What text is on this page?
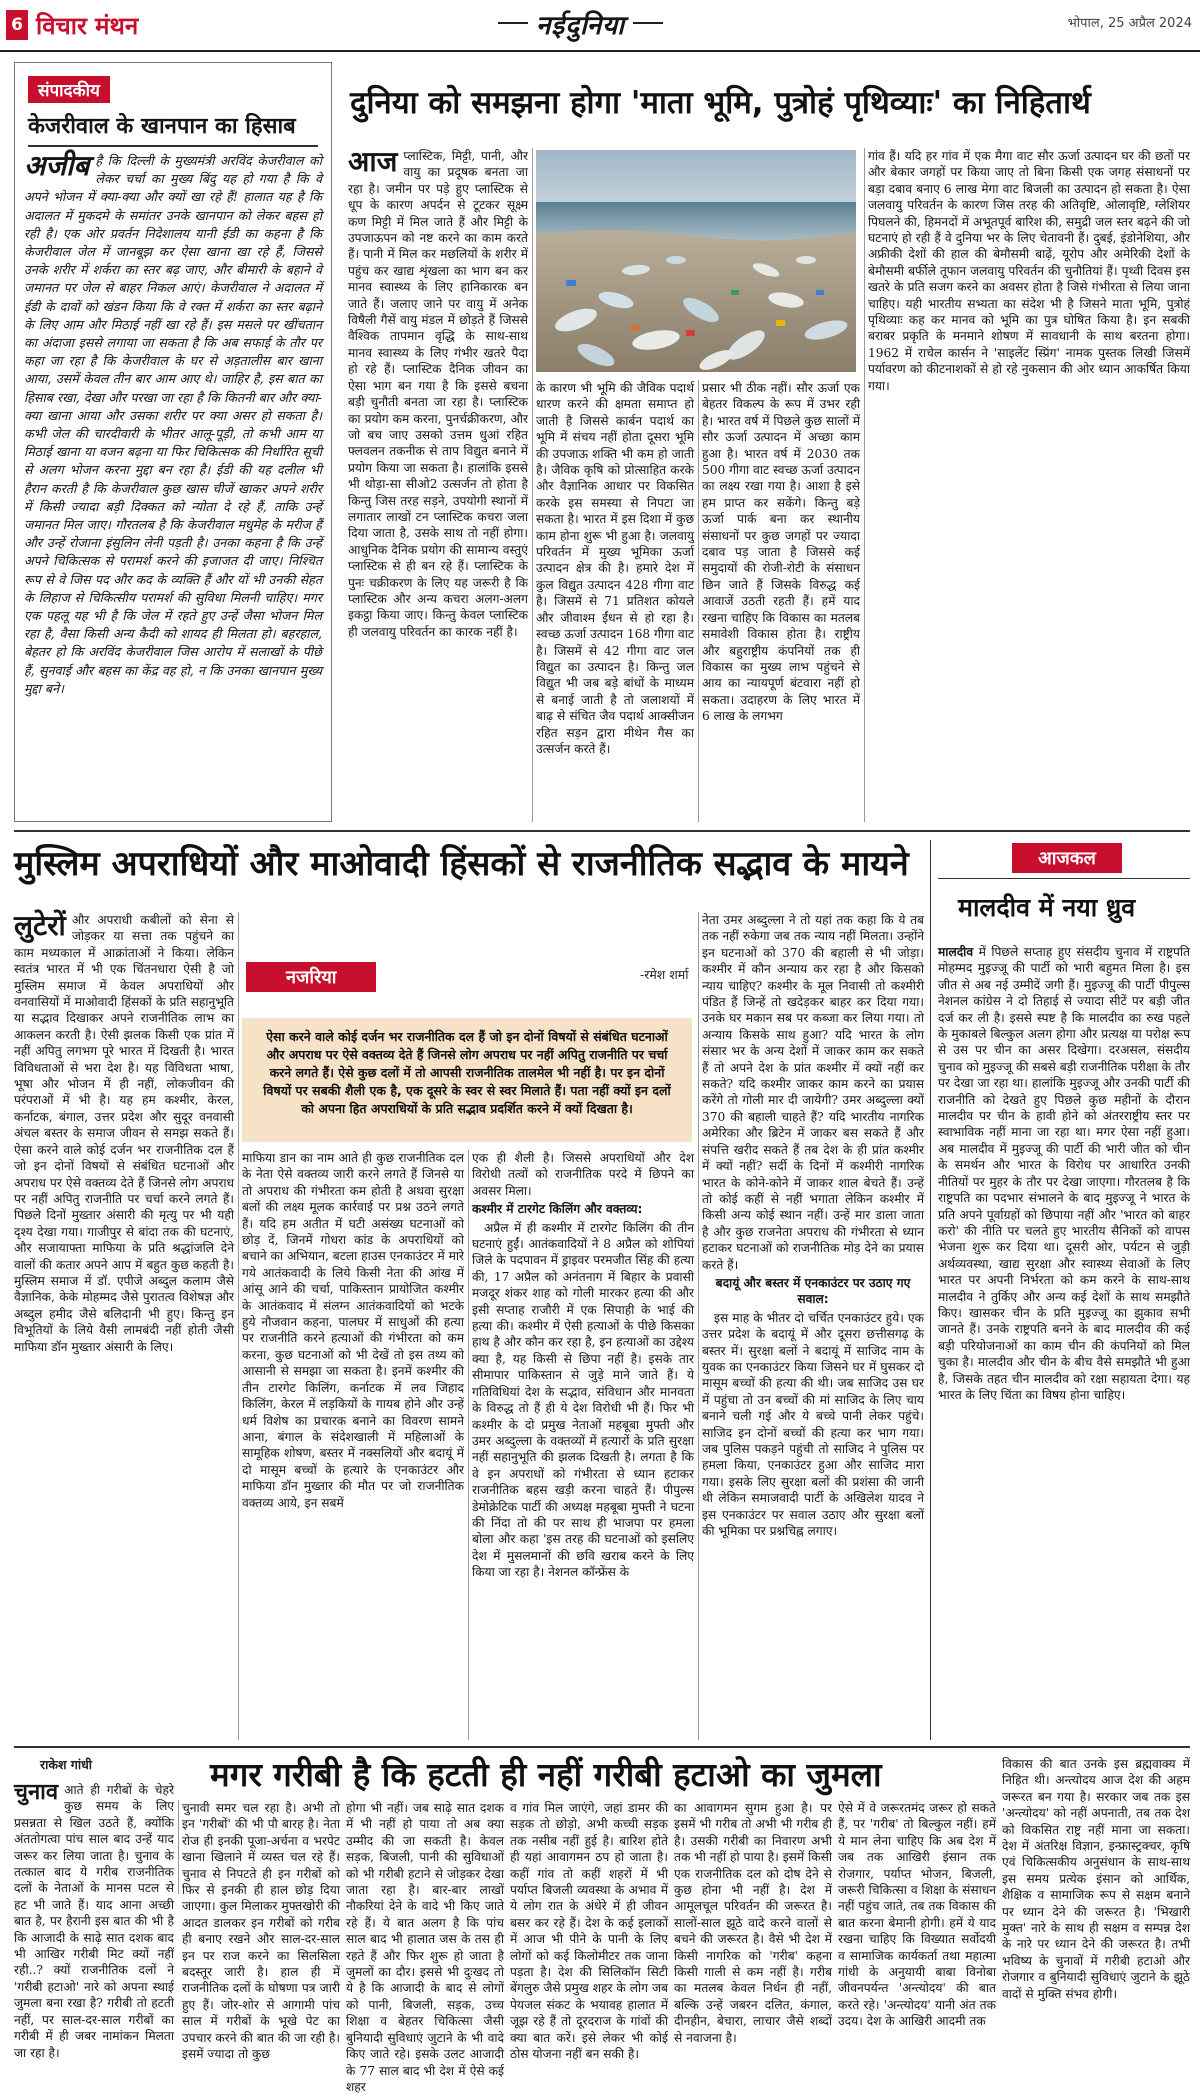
6 विचार मंथन	नईदुनिया	भोपाल, 25 अप्रैल 2024
संपादकीय
केजरीवाल के खानपान का हिसाब
अजीब है कि दिल्ली के मुख्यमंत्री अरविंद केजरीवाल को लेकर चर्चा का मुख्य बिंदु यह हो गया है कि वे अपने भोजन में क्या-क्या और क्यों खा रहे हैं! हालात यह है कि अदालत में मुकदमे के समांतर उनके खानपान को लेकर बहस हो रही है। एक ओर प्रवर्तन निदेशालय यानी ईडी का कहना है कि केजरीवाल जेल में जानबूझ कर ऐसा खाना खा रहे हैं, जिससे उनके शरीर में शर्करा का स्तर बढ़ जाए, और बीमारी के बहाने वे जमानत पर जेल से बाहर निकल आएं। केजरीवाल ने अदालत में ईडी के दावों को खंडन किया कि वे रक्त में शर्करा का स्तर बढ़ाने के लिए आम और मिठाई नहीं खा रहे हैं। इस मसले पर खींचतान का अंदाजा इससे लगाया जा सकता है कि अब सफाई के तौर पर कहा जा रहा है कि केजरीवाल के घर से अड़तालीस बार खाना आया, उसमें केवल तीन बार आम आए थे। जाहिर है, इस बात का हिसाब रखा, देखा और परखा जा रहा है कि कितनी बार और क्या-क्या खाना आया और उसका शरीर पर क्या असर हो सकता है। कभी जेल की चारदीवारी के भीतर आलू-पूड़ी, तो कभी आम या मिठाई खाना या वजन बढ़ना या फिर चिकित्सक की निर्धारित सूची से अलग भोजन करना मुद्दा बन रहा है। ईडी की यह दलील भी हैरान करती है कि केजरीवाल कुछ खास चीजें खाकर अपने शरीर में किसी ज्यादा बड़ी दिक्कत को न्योता दे रहे हैं, ताकि उन्हें जमानत मिल जाए। गौरतलब है कि केजरीवाल मधुमेह के मरीज हैं और उन्हें रोजाना इंसुलिन लेनी पड़ती है। उनका कहना है कि उन्हें अपने चिकित्सक से परामर्श करने की इजाजत दी जाए। निश्चित रूप से वे जिस पद और कद के व्यक्ति हैं और यों भी उनकी सेहत के लिहाज से चिकित्सीय परामर्श की सुविधा मिलनी चाहिए। मगर एक पहलू यह भी है कि जेल में रहते हुए उन्हें जैसा भोजन मिल रहा है, वैसा किसी अन्य कैदी को शायद ही मिलता हो। बहरहाल, बेहतर हो कि अरविंद केजरीवाल जिस आरोप में सलाखों के पीछे हैं, सुनवाई और बहस का केंद्र वह हो, न कि उनका खानपान मुख्य मुद्दा बने।
दुनिया को समझना होगा 'माता भूमि, पुत्रोहं पृथिव्याः' का निहितार्थ
आज प्लास्टिक, मिट्टी, पानी, और वायु का प्रदूषक बनता जा रहा है। जमीन पर पड़े हुए प्लास्टिक से धूप के कारण अपर्दन से टूटकर सूक्ष्म कण मिट्टी में मिल जाते हैं और मिट्टी के उपजाऊपन को नष्ट करने का काम करते हैं। पानी में मिल कर मछलियों के शरीर में पहुंच कर खाद्य शृंखला का भाग बन कर मानव स्वास्थ्य के लिए हानिकारक बन जाते हैं। जलाए जाने पर वायु में अनेक विषैली गैसें वायु मंडल में छोड़ते हैं जिससे वैश्विक तापमान वृद्धि के साथ-साथ मानव स्वास्थ्य के लिए गंभीर खतरे पैदा हो रहे हैं। प्लास्टिक दैनिक जीवन का ऐसा भाग बन गया है कि इससे बचना बड़ी चुनौती बनता जा रहा है। प्लास्टिक का प्रयोग कम करना, पुनर्चक्रीकरण, और जो बच जाए उसको उत्तम धुआं रहित फ्लवलन तकनीक से ताप विद्युत बनाने में प्रयोग किया जा सकता है। हालांकि इससे भी थोड़ा-सा सीओ2 उत्सर्जन तो होता है किन्तु जिस तरह सड़ने, उपयोगी स्थानों में लगातार लाखों टन प्लास्टिक कचरा जला दिया जाता है, उसके साथ तो नहीं होगा। आधुनिक दैनिक प्रयोग की सामान्य वस्तुएं प्लास्टिक से ही बन रहे हैं। प्लास्टिक के पुनः चक्रीकरण के लिए यह जरूरी है कि प्लास्टिक और अन्य कचरा अलग-अलग इकट्ठा किया जाए। किन्तु केवल प्लास्टिक ही जलवायु परिवर्तन का कारक नहीं है।
के कारण भी भूमि की जैविक पदार्थ धारण करने की क्षमता समाप्त हो जाती है जिससे कार्बन पदार्थ का भूमि में संचय नहीं होता दूसरा भूमि की उपजाऊ शक्ति भी कम हो जाती है। जैविक कृषि को प्रोत्साहित करके और वैज्ञानिक आधार पर विकसित करके इस समस्या से निपटा जा सकता है। भारत में इस दिशा में कुछ काम होना शुरू भी हुआ है। जलवायु परिवर्तन में मुख्य भूमिका ऊर्जा उत्पादन क्षेत्र की है। हमारे देश में कुल विद्युत उत्पादन 428 गीगा वाट है। जिसमें से 71 प्रतिशत कोयले और जीवाश्म ईंधन से हो रहा है। स्वच्छ ऊर्जा उत्पादन 168 गीगा वाट है। जिसमें से 42 गीगा वाट जल विद्युत का उत्पादन है। किन्तु जल विद्युत भी जब बड़े बांधों के माध्यम से बनाई जाती है तो जलाशयों में बाढ़ से संचित जैव पदार्थ आक्सीजन रहित सड़न द्वारा मीथेन गैस का उत्सर्जन करते हैं।
प्रसार भी ठीक नहीं। सौर ऊर्जा एक बेहतर विकल्प के रूप में उभर रही है। भारत वर्ष में पिछले कुछ सालों में सौर ऊर्जा उत्पादन में अच्छा काम हुआ है। भारत वर्ष में 2030 तक 500 गीगा वाट स्वच्छ ऊर्जा उत्पादन का लक्ष्य रखा गया है। आशा है इसे हम प्राप्त कर सकेंगे। किन्तु बड़े ऊर्जा पार्क बना कर स्थानीय संसाधनों पर कुछ जगहों पर ज्यादा दबाव पड़ जाता है जिससे कई समुदायों की रोजी-रोटी के संसाधन छिन जाते हैं जिसके विरुद्ध कई आवाजें उठती रहती हैं। हमें याद रखना चाहिए कि विकास का मतलब समावेशी विकास होता है। राष्ट्रीय और बहुराष्ट्रीय कंपनियों तक ही विकास का मुख्य लाभ पहुंचने से आय का न्यायपूर्ण बंटवारा नहीं हो सकता। उदाहरण के लिए भारत में 6 लाख के लगभग
गांव हैं। यदि हर गांव में एक मैगा वाट सौर ऊर्जा उत्पादन घर की छतों पर और बेकार जगहों पर किया जाए तो बिना किसी एक जगह संसाधनों पर बड़ा दबाव बनाए 6 लाख मेगा वाट बिजली का उत्पादन हो सकता है। ऐसा जलवायु परिवर्तन के कारण जिस तरह की अतिवृष्टि, ओलावृष्टि, ग्लेशियर पिघलने की, हिमनदों में अभूतपूर्व बारिश की, समुद्री जल स्तर बढ़ने की जो घटनाएं हो रही हैं वे दुनिया भर के लिए चेतावनी हैं। दुबई, इंडोनेशिया, और अफ्रीकी देशों की हाल की बेमौसमी बाढ़ें, यूरोप और अमेरिकी देशों के बेमौसमी बर्फीले तूफान जलवायु परिवर्तन की चुनौतियां हैं। पृथ्वी दिवस इस खतरे के प्रति सजग करने का अवसर होता है जिसे गंभीरता से लिया जाना चाहिए। यही भारतीय सभ्यता का संदेश भी है जिसने माता भूमि, पुत्रोहं पृथिव्याः कह कर मानव को भूमि का पुत्र घोषित किया है। इन सबकी बराबर प्रकृति के मनमाने शोषण में सावधानी के साथ बरतना होगा। 1962 में राचेल कार्सन ने 'साइलेंट स्प्रिंग' नामक पुस्तक लिखी जिसमें पर्यावरण को कीटनाशकों से हो रहे नुकसान की ओर ध्यान आकर्षित किया गया।
मुस्लिम अपराधियों और माओवादी हिंसकों से राजनीतिक सद्भाव के मायने
लुटेरों और अपराधी कबीलों को सेना से जोड़कर या सत्ता तक पहुंचने का काम मध्यकाल में आक्रांताओं ने किया। लेकिन स्वतंत्र भारत में भी एक चिंतनधारा ऐसी है जो मुस्लिम समाज में केवल अपराधियों और वनवासियों में माओवादी हिंसकों के प्रति सहानुभूति या सद्भाव दिखाकर अपने राजनीतिक लाभ का आकलन करती है। ऐसी झलक किसी एक प्रांत में नहीं अपितु लगभग पूरे भारत में दिखती है। भारत विविधताओं से भरा देश है। यह विविधता भाषा, भूषा और भोजन में ही नहीं, लोकजीवन की परंपराओं में भी है। यह हम कश्मीर, केरल, कर्नाटक, बंगाल, उत्तर प्रदेश और सुदूर वनवासी अंचल बस्तर के समाज जीवन से समझ सकते हैं। ऐसा करने वाले कोई दर्जन भर राजनीतिक दल हैं जो इन दोनों विषयों से संबंधित घटनाओं और अपराध पर ऐसे वक्तव्य देते हैं जिनसे लोग अपराध पर नहीं अपितु राजनीति पर चर्चा करने लगते हैं। पिछले दिनों मुख्तार अंसारी की मृत्यु पर भी यही दृश्य देखा गया। गाजीपुर से बांदा तक की घटनाएं, और सजायाफ्ता माफिया के प्रति श्रद्धांजलि देने वालों की कतार अपने आप में बहुत कुछ कहती है। मुस्लिम समाज में डॉ. एपीजे अब्दुल कलाम जैसे वैज्ञानिक, केके मोहम्मद जैसे पुरातत्व विशेषज्ञ और अब्दुल हमीद जैसे बलिदानी भी हुए। किन्तु इन विभूतियों के लिये वैसी लामबंदी नहीं होती जैसी माफिया डॉन मुख्तार अंसारी के लिए।
नजरिया	-रमेश शर्मा
ऐसा करने वाले कोई दर्जन भर राजनीतिक दल हैं जो इन दोनों विषयों से संबंधित घटनाओं और अपराध पर ऐसे वक्तव्य देते हैं जिनसे लोग अपराध पर नहीं अपितु राजनीति पर चर्चा करने लगते हैं। ऐसे कुछ दलों में तो आपसी राजनीतिक तालमेल भी नहीं है। पर इन दोनों विषयों पर सबकी शैली एक है, एक दूसरे के स्वर से स्वर मिलाते हैं। पता नहीं क्यों इन दलों को अपना हित अपराधियों के प्रति सद्भाव प्रदर्शित करने में क्यों दिखता है।
माफिया डान का नाम आते ही कुछ राजनीतिक दल के नेता ऐसे वक्तव्य जारी करने लगते हैं जिनसे या तो अपराध की गंभीरता कम होती है अथवा सुरक्षा बलों की लक्ष्य मूलक कार्रवाई पर प्रश्न उठने लगते हैं। यदि हम अतीत में घटी असंख्य घटनाओं को छोड़ दें, जिनमें गोधरा कांड के अपराधियों को बचाने का अभियान, बटला हाउस एनकाउंटर में मारे गये आतंकवादी के लिये किसी नेता की आंख में आंसू आने की चर्चा, पाकिस्तान प्रायोजित कश्मीर के आतंकवाद में संलग्न आतंकवादियों को भटके हुये नौजवान कहना, पालघर में साधुओं की हत्या पर राजनीति करने हत्याओं की गंभीरता को कम करना, कुछ घटनाओं को भी देखें तो इस तथ्य को आसानी से समझा जा सकता है। इनमें कश्मीर की तीन टारगेट किलिंग, कर्नाटक में लव जिहाद किलिंग, केरल में लड़कियों के गायब होने और उन्हें धर्म विशेष का प्रचारक बनाने का विवरण सामने आना, बंगाल के संदेशखाली में महिलाओं के सामूहिक शोषण, बस्तर में नक्सलियों और बदायूं में दो मासूम बच्चों के हत्यारे के एनकाउंटर और माफिया डॉन मुख्तार की मौत पर जो राजनीतिक वक्तव्य आये, इन सबमें

एक ही शैली है। जिससे अपराधियों और देश विरोधी तत्वों को राजनीतिक परदे में छिपने का अवसर मिला।

कश्मीर में टारगेट किलिंग और वक्तव्य:

अप्रैल में ही कश्मीर में टारगेट किलिंग की तीन घटनाएं हुईं। आतंकवादियों ने 8 अप्रैल को शोपियां जिले के पदपावन में ड्राइवर परमजीत सिंह की हत्या की, 17 अप्रैल को अनंतनाग में बिहार के प्रवासी मजदूर शंकर शाह को गोली मारकर हत्या की और इसी सप्ताह राजौरी में एक सिपाही के भाई की हत्या की। कश्मीर में ऐसी हत्याओं के पीछे किसका हाथ है और कौन कर रहा है, इन हत्याओं का उद्देश्य क्या है, यह किसी से छिपा नहीं है। इसके तार सीमापार पाकिस्तान से जुड़े माने जाते हैं। ये गतिविधियां देश के सद्भाव, संविधान और मानवता के विरुद्ध तो हैं ही ये देश विरोधी भी हैं। फिर भी कश्मीर के दो प्रमुख नेताओं महबूबा मुफ्ती और उमर अब्दुल्ला के वक्तव्यों में हत्यारों के प्रति सुरक्षा नहीं सहानुभूति की झलक दिखती है। लगता है कि वे इन अपराधों को गंभीरता से ध्यान हटाकर राजनीतिक बहस खड़ी करना चाहते हैं। पीपुल्स डेमोक्रेटिक पार्टी की अध्यक्ष महबूबा मुफ्ती ने घटना की निंदा तो की पर साथ ही भाजपा पर हमला बोला और कहा 'इस तरह की घटनाओं को इसलिए देश में मुसलमानों की छवि खराब करने के लिए किया जा रहा है। नेशनल कॉन्फ्रेंस के

नेता उमर अब्दुल्ला ने तो यहां तक कहा कि ये तब तक नहीं रुकेगा जब तक न्याय नहीं मिलता। उन्होंने इन घटनाओं को 370 की बहाली से भी जोड़ा। कश्मीर में कौन अन्याय कर रहा है और किसको न्याय चाहिए? कश्मीर के मूल निवासी तो कश्मीरी पंडित हैं जिन्हें तो खदेड़कर बाहर कर दिया गया। उनके घर मकान सब पर कब्जा कर लिया गया। तो अन्याय किसके साथ हुआ? यदि भारत के लोग संसार भर के अन्य देशों में जाकर काम कर सकते हैं तो अपने देश के प्रांत कश्मीर में क्यों नहीं कर सकते? यदि कश्मीर जाकर काम करने का प्रयास करेंगे तो गोली मार दी जायेगी? उमर अब्दुल्ला क्यों 370 की बहाली चाहते हैं? यदि भारतीय नागरिक अमेरिका और ब्रिटेन में जाकर बस सकते हैं और संपत्ति खरीद सकते हैं तब देश के ही प्रांत कश्मीर में क्यों नहीं? सर्दी के दिनों में कश्मीरी नागरिक भारत के कोने-कोने में जाकर शाल बेचते हैं। उन्हें तो कोई कहीं से नहीं भगाता लेकिन कश्मीर में किसी अन्य कोई स्थान नहीं। उन्हें मार डाला जाता है और कुछ राजनेता अपराध की गंभीरता से ध्यान हटाकर घटनाओं को राजनीतिक मोड़ देने का प्रयास करते हैं।

बदायूं और बस्तर में एनकाउंटर पर उठाए गए सवाल:

इस माह के भीतर दो चर्चित एनकाउंटर हुये। एक उत्तर प्रदेश के बदायूं में और दूसरा छत्तीसगढ़ के बस्तर में। सुरक्षा बलों ने बदायूं में साजिद नाम के युवक का एनकाउंटर किया जिसने घर में घुसकर दो मासूम बच्चों की हत्या की थी। जब साजिद उस घर में पहुंचा तो उन बच्चों की मां साजिद के लिए चाय बनाने चली गई और ये बच्चे पानी लेकर पहुंचे। साजिद इन दोनों बच्चों की हत्या कर भाग गया। जब पुलिस पकड़ने पहुंची तो साजिद ने पुलिस पर हमला किया, एनकाउंटर हुआ और साजिद मारा गया। इसके लिए सुरक्षा बलों की प्रशंसा की जानी थी लेकिन समाजवादी पार्टी के अखिलेश यादव ने इस एनकाउंटर पर सवाल उठाए और सुरक्षा बलों की भूमिका पर प्रश्नचिह्न लगाए।

आजकल
मालदीव में नया ध्रुव
मालदीव में पिछले सप्ताह हुए संसदीय चुनाव में राष्ट्रपति मोहम्मद मुइज्जू की पार्टी को भारी बहुमत मिला है। इस जीत से अब नई उम्मीदें जगी हैं। मुइज्जू की पार्टी पीपुल्स नेशनल कांग्रेस ने दो तिहाई से ज्यादा सीटें पर बड़ी जीत दर्ज कर ली है। इससे स्पष्ट है कि मालदीव का रुख पहले के मुकाबले बिल्कुल अलग होगा और प्रत्यक्ष या परोक्ष रूप से उस पर चीन का असर दिखेगा। दरअसल, संसदीय चुनाव को मुइज्जू की सबसे बड़ी राजनीतिक परीक्षा के तौर पर देखा जा रहा था। हालांकि मुइज्जू और उनकी पार्टी की राजनीति को देखते हुए पिछले कुछ महीनों के दौरान मालदीव पर चीन के हावी होने को अंतरराष्ट्रीय स्तर पर स्वाभाविक नहीं माना जा रहा था। मगर ऐसा नहीं हुआ। अब मालदीव में मुइज्जू की पार्टी की भारी जीत को चीन के समर्थन और भारत के विरोध पर आधारित उनकी नीतियों पर मुहर के तौर पर देखा जाएगा। गौरतलब है कि राष्ट्रपति का पदभार संभालने के बाद मुइज्जू ने भारत के प्रति अपने पूर्वाग्रहों को छिपाया नहीं और 'भारत को बाहर करो' की नीति पर चलते हुए भारतीय सैनिकों को वापस भेजना शुरू कर दिया था। दूसरी ओर, पर्यटन से जुड़ी अर्थव्यवस्था, खाद्य सुरक्षा और स्वास्थ्य सेवाओं के लिए भारत पर अपनी निर्भरता को कम करने के साथ-साथ मालदीव ने तुर्किए और अन्य कई देशों के साथ समझौते किए। खासकर चीन के प्रति मुइज्जू का झुकाव सभी जानते हैं। उनके राष्ट्रपति बनने के बाद मालदीव की कई बड़ी परियोजनाओं का काम चीन की कंपनियों को मिल चुका है। मालदीव और चीन के बीच वैसे समझौते भी हुआ है, जिसके तहत चीन मालदीव को रक्षा सहायता देगा। यह भारत के लिए चिंता का विषय होना चाहिए।
राकेश गांधी	मगर गरीबी है कि हटती ही नहीं गरीबी हटाओ का जुमला
चुनाव आते ही गरीबों के चेहरे कुछ समय के लिए प्रसन्नता से खिल उठते हैं, क्योंकि अंततोगत्वा पांच साल बाद उन्हें याद जरूर कर लिया जाता है। चुनाव के तत्काल बाद ये गरीब राजनीतिक दलों के नेताओं के मानस पटल से हट भी जाते हैं। याद आना अच्छी बात है, पर हैरानी इस बात की भी है कि आजादी के साढ़े सात दशक बाद भी आखिर गरीबी मिट क्यों नहीं रही..? क्यों राजनीतिक दलों ने 'गरीबी हटाओ' नारे को अपना स्थाई जुमला बना रखा है? गरीबी तो हटती नहीं, पर साल-दर-साल गरीबों का गरीबी में ही जबर नामांकन मिलता जा रहा है।
चुनावी समर चल रहा है। अभी तो इन 'गरीबों' की भी पौ बारह है। नेता रोज ही इनकी पूजा-अर्चना व भरपेट खाना खिलाने में व्यस्त चल रहे हैं। चुनाव से निपटते ही इन गरीबों को फिर से इनकी ही हाल छोड़ दिया जाएगा। कुल मिलाकर मुफ्तखोरी की आदत डालकर इन गरीबों को गरीब ही बनाए रखने और साल-दर-साल इन पर राज करने का सिलसिला बदस्तूर जारी है। हाल ही में राजनीतिक दलों के घोषणा पत्र जारी हुए हैं। जोर-शोर से आगामी पांच साल में गरीबों के भूखे पेट का उपचार करने की बात की जा रही है। इसमें ज्यादा तो कुछ
होगा भी नहीं। जब साढ़े सात दशक में भी नहीं हो पाया तो अब क्या उम्मीद की जा सकती है। केवल सड़क, बिजली, पानी की सुविधाओं को भी गरीबी हटाने से जोड़कर देखा जाता रहा है। बार-बार लाखों नौकरियां देने के वादे भी किए जाते रहे हैं। ये बात अलग है कि पांच साल बाद भी हालात जस के तस ही रहते हैं और फिर शुरू हो जाता है जुमलों का दौर। इससे भी दुःखद तो ये है कि आजादी के बाद से लोगों को पानी, बिजली, सड़क, उच्च शिक्षा व बेहतर चिकित्सा जैसी बुनियादी सुविधाएं जुटाने के भी वादे किए जाते रहे। इसके उलट आजादी के 77 साल बाद भी देश में ऐसे कई शहर
व गांव मिल जाएंगे, जहां डामर की सड़क तो छोड़ो, अभी कच्ची सड़क तक नसीब नहीं हुई है। बारिश होते ही यहां आवागमन ठप हो जाता है। कहीं गांव तो कहीं शहरों में भी पर्याप्त बिजली व्यवस्था के अभाव में ये लोग रात के अंधेरे में ही जीवन बसर कर रहे हैं। देश के कई इलाकों में आज भी पीने के पानी के लिए लोगों को कई किलोमीटर तक जाना पड़ता है। देश की सिलिकॉन सिटी बेंगलुरु जैसे प्रमुख शहर के लोग जब पेयजल संकट के भयावह हालात में जूझ रहे हैं तो दूरदराज के गांवों की क्या बात करें। इसे लेकर भी कोई ठोस योजना नहीं बन सकी है।
का आवागमन सुगम हुआ है। पर इसमें भी गरीब तो अभी भी गरीब ही है। उसकी गरीबी का निवारण अभी तक भी नहीं हो पाया है। इसमें किसी एक राजनीतिक दल को दोष देने से कुछ होना भी नहीं है। देश में आमूलचूल परिवर्तन की जरूरत है। सालों-साल झूठे वादे करने वालों से बचने की जरूरत है। वैसे भी देश में किसी नागरिक को 'गरीब' कहना किसी गाली से कम नहीं है। गरीब का मतलब केवल निर्धन ही नहीं, बल्कि उन्हें जबरन दलित, कंगाल, दीनहीन, बेचारा, लाचार जैसे शब्दों से नवाजना है।
ऐसे में वे जरूरतमंद जरूर हो सकते हैं, पर 'गरीब' तो बिल्कुल नहीं। हमें ये मान लेना चाहिए कि अब देश में जब तक आखिरी इंसान तक रोजगार, पर्याप्त भोजन, बिजली, जरूरी चिकित्सा व शिक्षा के संसाधन नहीं पहुंच जाते, तब तक विकास की बात करना बेमानी होगी। हमें ये याद रखना चाहिए कि विख्यात सर्वोदयी व सामाजिक कार्यकर्ता तथा महात्मा गांधी के अनुयायी बाबा विनोबा जीवनपर्यन्त 'अन्त्योदय' की बात करते रहे। 'अन्त्योदय' यानी अंत तक उदय। देश के आखिरी आदमी तक
विकास की बात उनके इस ब्रह्मवाक्य में निहित थी। अन्त्योदय आज देश की अहम जरूरत बन गया है। सरकार जब तक इस 'अन्त्योदय' को नहीं अपनाती, तब तक देश को विकसित राष्ट्र नहीं माना जा सकता। देश में अंतरिक्ष विज्ञान, इन्फ्रास्ट्रक्चर, कृषि एवं चिकित्सकीय अनुसंधान के साथ-साथ इस समय प्रत्येक इंसान को आर्थिक, शैक्षिक व सामाजिक रूप से सक्षम बनाने पर ध्यान देने की जरूरत है। 'भिखारी मुक्त' नारे के साथ ही सक्षम व सम्पन्न देश के नारे पर ध्यान देने की जरूरत है। तभी भविष्य के चुनावों में गरीबी हटाओ और रोजगार व बुनियादी सुविधाएं जुटाने के झूठे वादों से मुक्ति संभव होगी।
